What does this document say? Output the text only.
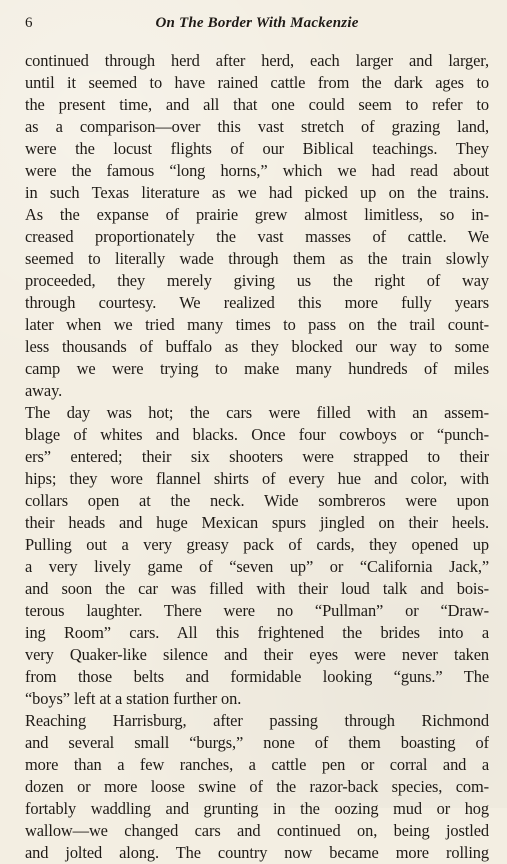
6	On The Border With Mackenzie
continued through herd after herd, each larger and larger,
until it seemed to have rained cattle from the dark ages to
the present time, and all that one could seem to refer to
as a comparison—over this vast stretch of grazing land,
were the locust flights of our Biblical teachings. They
were the famous “long horns,” which we had read about
in such Texas literature as we had picked up on the trains.
As the expanse of prairie grew almost limitless, so in-
creased proportionately the vast masses of cattle. We
seemed to literally wade through them as the train slowly
proceeded, they merely giving us the right of way
through courtesy. We realized this more fully years
later when we tried many times to pass on the trail count-
less thousands of buffalo as they blocked our way to some
camp we were trying to make many hundreds of miles
away.
The day was hot; the cars were filled with an assem-
blage of whites and blacks. Once four cowboys or “punch-
ers” entered; their six shooters were strapped to their
hips; they wore flannel shirts of every hue and color, with
collars open at the neck. Wide sombreros were upon
their heads and huge Mexican spurs jingled on their heels.
Pulling out a very greasy pack of cards, they opened up
a very lively game of “seven up” or “California Jack,”
and soon the car was filled with their loud talk and bois-
terous laughter. There were no “Pullman” or “Draw-
ing Room” cars. All this frightened the brides into a
very Quaker-like silence and their eyes were never taken
from those belts and formidable looking “guns.” The
“boys” left at a station further on.
Reaching Harrisburg, after passing through Richmond
and several small “burgs,” none of them boasting of
more than a few ranches, a cattle pen or corral and a
dozen or more loose swine of the razor-back species, com-
fortably waddling and grunting in the oozing mud or hog
wallow—we changed cars and continued on, being jostled
and jolted along. The country now became more rolling
